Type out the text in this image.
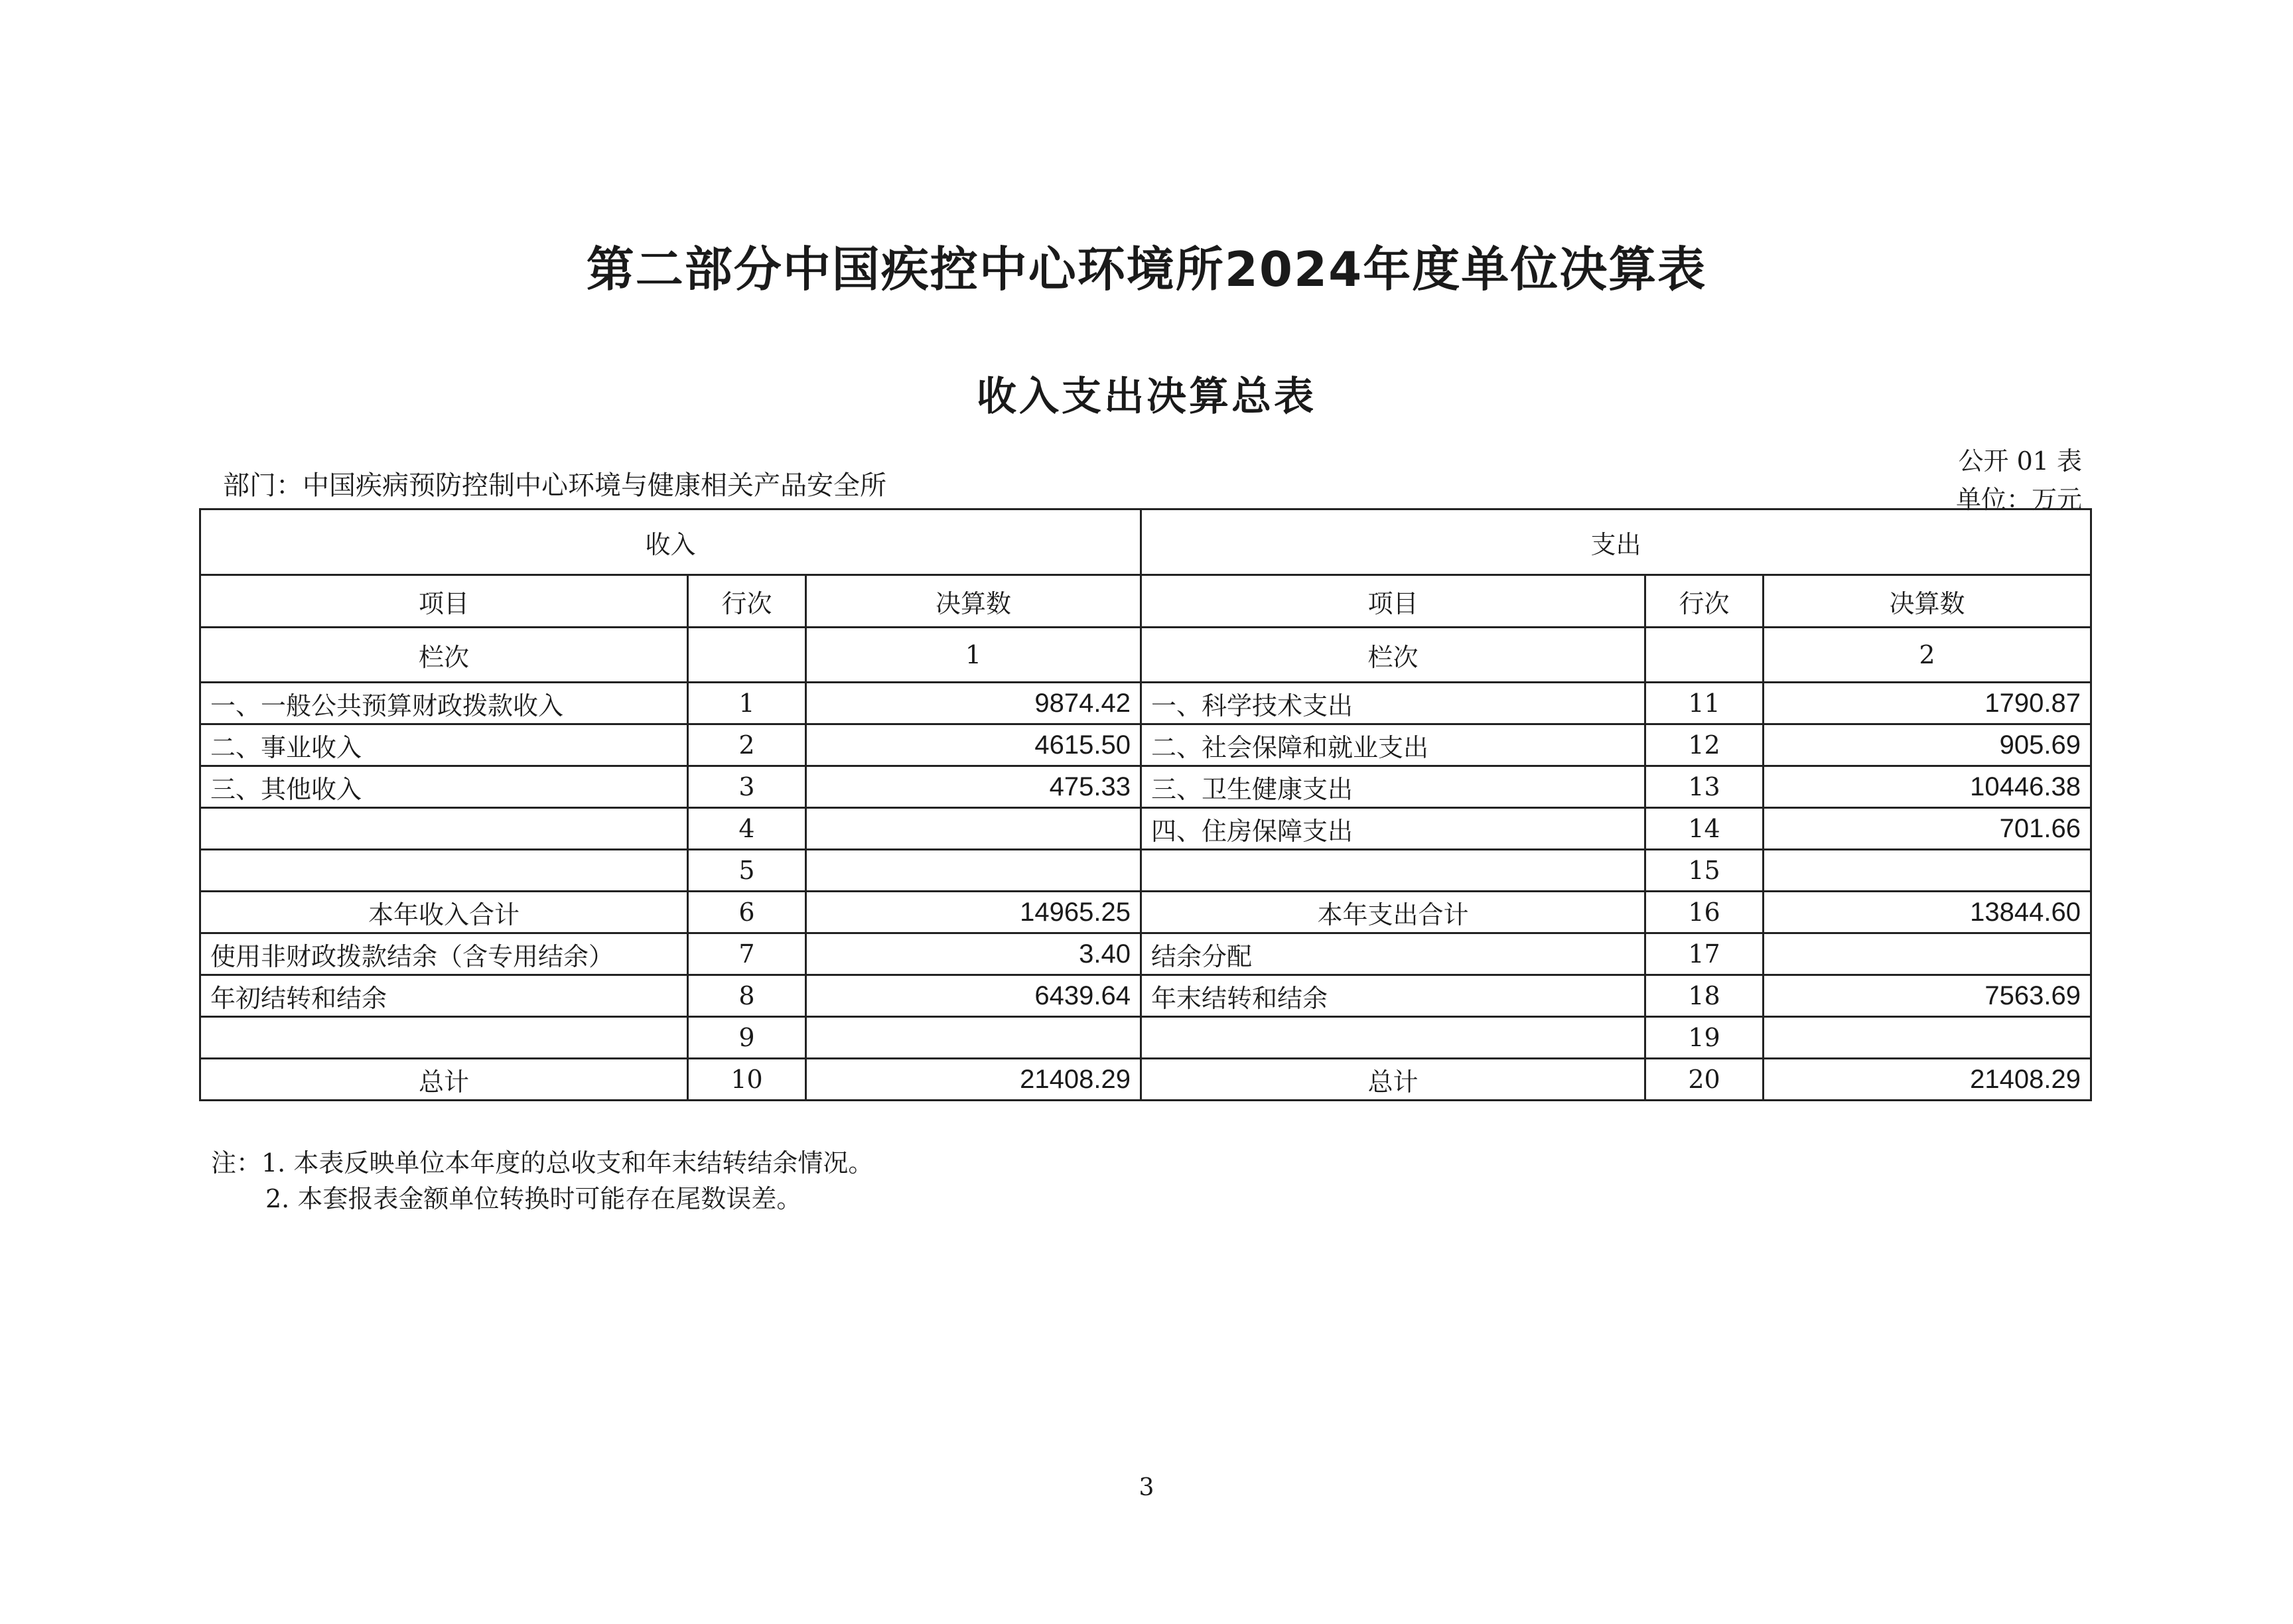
第二部分中国疾控中心环境所2024年度单位决算表
收入支出决算总表
公开 01 表
部门：中国疾病预防控制中心环境与健康相关产品安全所	单位：万元
收入			支出		
项目	行次	决算数	项目	行次	决算数
栏次		1	栏次		2
一、一般公共预算财政拨款收入	1	9874.42	一、科学技术支出	11	1790.87
二、事业收入	2	4615.50	二、社会保障和就业支出	12	905.69
三、其他收入	3	475.33	三、卫生健康支出	13	10446.38
	4		四、住房保障支出	14	701.66
	5			15	
本年收入合计	6	14965.25	本年支出合计	16	13844.60
使用非财政拨款结余（含专用结余）	7	3.40	结余分配	17	
年初结转和结余	8	6439.64	年末结转和结余	18	7563.69
	9			19	
总计	10	21408.29	总计	20	21408.29
注：1. 本表反映单位本年度的总收支和年末结转结余情况。
2. 本套报表金额单位转换时可能存在尾数误差。
3
